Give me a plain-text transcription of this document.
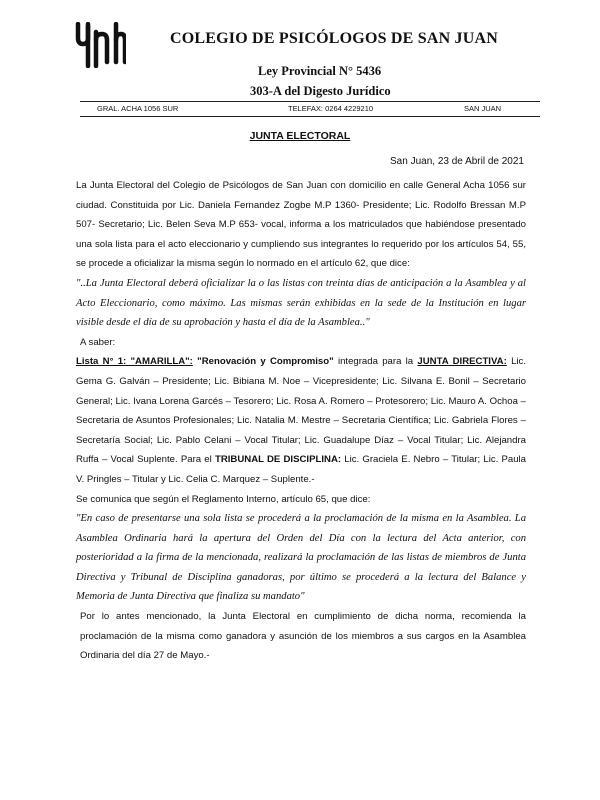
COLEGIO DE PSICÓLOGOS DE SAN JUAN
Ley Provincial N° 5436
303-A del Digesto Jurídico
GRAL. ACHA 1056 SUR	TELEFAX: 0264 4229210	SAN JUAN
JUNTA ELECTORAL
San Juan, 23 de Abril de 2021

La Junta Electoral del Colegio de Psicólogos de San Juan con domicilio en calle General Acha 1056 sur ciudad. Constituida por Lic. Daniela Fernandez Zogbe M.P 1360- Presidente; Lic. Rodolfo Bressan M.P 507- Secretario; Lic. Belen Seva M.P 653- vocal, informa a los matriculados que habiéndose presentado una sola lista para el acto eleccionario y cumpliendo sus integrantes lo requerido por los artículos 54, 55, se procede a oficializar la misma según lo normado en el artículo 62, que dice:

"..La Junta Electoral deberá oficializar la o las listas con treinta días de anticipación a la Asamblea y al Acto Eleccionario, como máximo. Las mismas serán exhibidas en la sede de la Institución en lugar visible desde el día de su aprobación y hasta el día de la Asamblea.."

A saber:

Lista N° 1: "AMARILLA": "Renovación y Compromiso" integrada para la JUNTA DIRECTIVA: Lic. Gema G. Galván – Presidente; Lic. Bibiana M. Noe – Vicepresidente; Lic. Silvana E. Bonil – Secretario General; Lic. Ivana Lorena Garcés – Tesorero; Lic. Rosa A. Romero – Protesorero; Lic. Mauro A. Ochoa – Secretaria de Asuntos Profesionales; Lic. Natalia M. Mestre – Secretaria Científica; Lic. Gabriela Flores – Secretaría Social; Lic. Pablo Celani – Vocal Titular; Lic. Guadalupe Díaz – Vocal Titular; Lic. Alejandra Ruffa – Vocal Suplente. Para el TRIBUNAL DE DISCIPLINA: Lic. Graciela E. Nebro – Titular; Lic. Paula V. Pringles – Titular y Lic. Celia C. Marquez – Suplente.-

Se comunica que según el Reglamento Interno, artículo 65, que dice:

"En caso de presentarse una sola lista se procederá a la proclamación de la misma en la Asamblea. La Asamblea Ordinaria hará la apertura del Orden del Día con la lectura del Acta anterior, con posterioridad a la firma de la mencionada, realizará la proclamación de las listas de miembros de Junta Directiva y Tribunal de Disciplina ganadoras, por último se procederá a la lectura del Balance y Memoria de Junta Directiva que finaliza su mandato"

Por lo antes mencionado, la Junta Electoral en cumplimiento de dicha norma, recomienda la proclamación de la misma como ganadora y asunción de los miembros a sus cargos en la Asamblea Ordinaria del día 27 de Mayo.-
